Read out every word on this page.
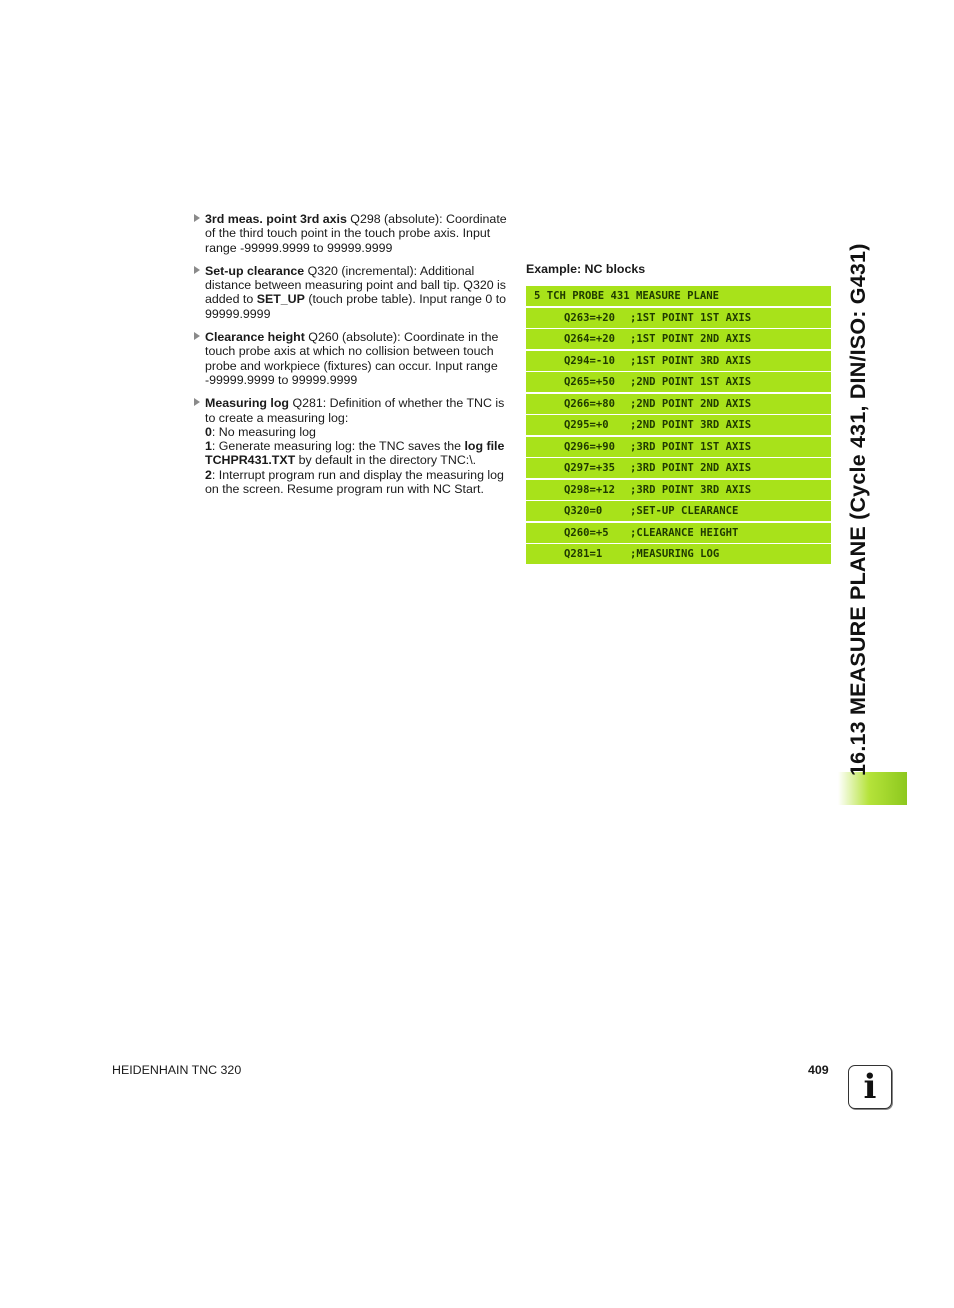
3rd meas. point 3rd axis Q298 (absolute): Coordinate of the third touch point in the touch probe axis. Input range -99999.9999 to 99999.9999
Set-up clearance Q320 (incremental): Additional distance between measuring point and ball tip. Q320 is added to SET_UP (touch probe table). Input range 0 to 99999.9999
Clearance height Q260 (absolute): Coordinate in the touch probe axis at which no collision between touch probe and workpiece (fixtures) can occur. Input range -99999.9999 to 99999.9999
Measuring log Q281: Definition of whether the TNC is to create a measuring log:
0: No measuring log
1: Generate measuring log: the TNC saves the log file TCHPR431.TXT by default in the directory TNC:\.
2: Interrupt program run and display the measuring log on the screen. Resume program run with NC Start.
Example: NC blocks
5 TCH PROBE 431 MEASURE PLANE
Q263=+20 ;1ST POINT 1ST AXIS
Q264=+20 ;1ST POINT 2ND AXIS
Q294=-10 ;1ST POINT 3RD AXIS
Q265=+50 ;2ND POINT 1ST AXIS
Q266=+80 ;2ND POINT 2ND AXIS
Q295=+0 ;2ND POINT 3RD AXIS
Q296=+90 ;3RD POINT 1ST AXIS
Q297=+35 ;3RD POINT 2ND AXIS
Q298=+12 ;3RD POINT 3RD AXIS
Q320=0	;SET-UP CLEARANCE
Q260=+5 ;CLEARANCE HEIGHT
Q281=1	;MEASURING LOG	16.13 MEASURE PLANE (Cycle 431, DIN/ISO: G431)
HEIDENHAIN TNC 320	409	i
